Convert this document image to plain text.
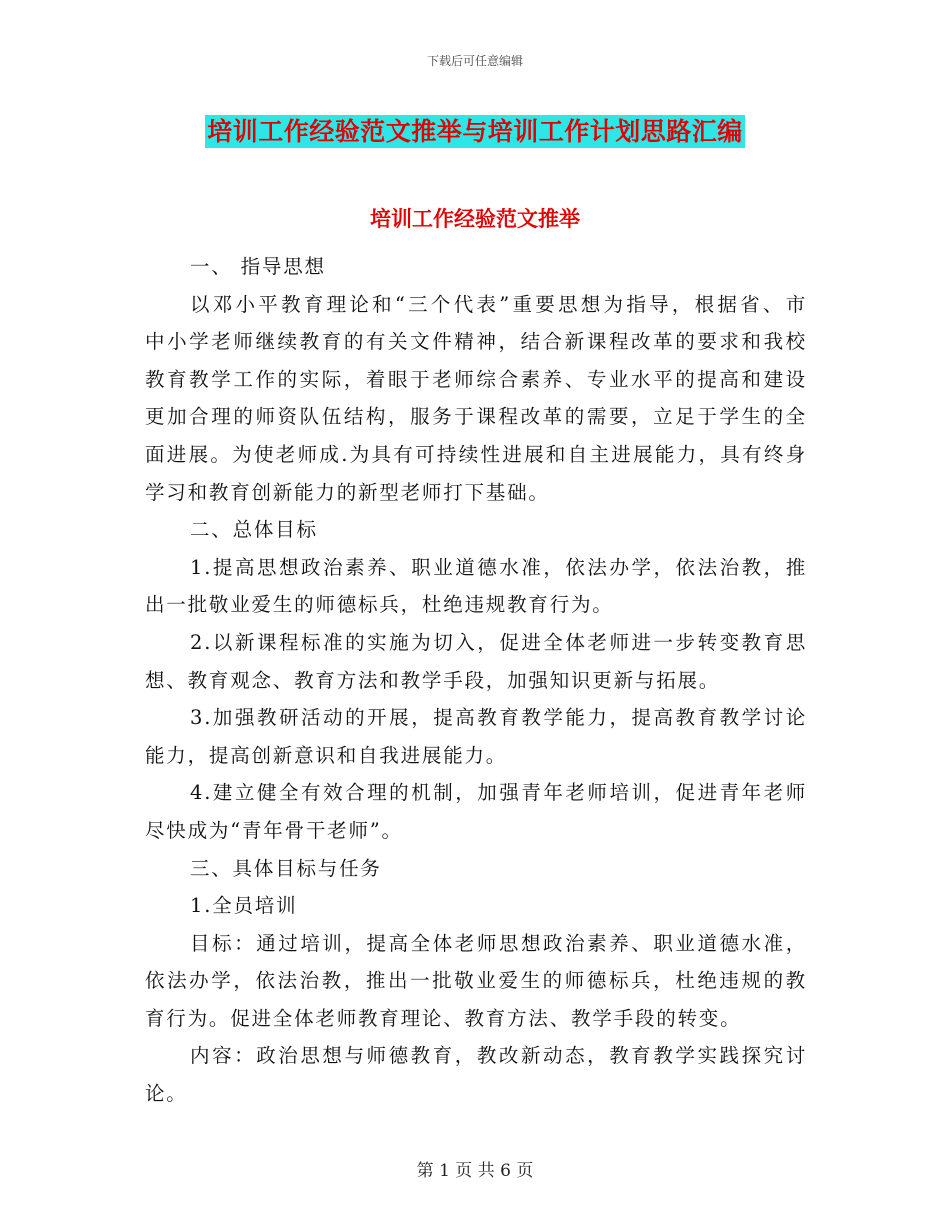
下载后可任意编辑
培训工作经验范文推举与培训工作计划思路汇编
培训工作经验范文推举
一、 指导思想
以邓小平教育理论和“三个代表”重要思想为指导，根据省、市
中小学老师继续教育的有关文件精神，结合新课程改革的要求和我校
教育教学工作的实际，着眼于老师综合素养、专业水平的提高和建设
更加合理的师资队伍结构，服务于课程改革的需要，立足于学生的全
面进展。为使老师成.为具有可持续性进展和自主进展能力，具有终身
学习和教育创新能力的新型老师打下基础。
二、总体目标
1.提高思想政治素养、职业道德水准，依法办学，依法治教，推
出一批敬业爱生的师德标兵，杜绝违规教育行为。
2.以新课程标准的实施为切入，促进全体老师进一步转变教育思
想、教育观念、教育方法和教学手段，加强知识更新与拓展。
3.加强教研活动的开展，提高教育教学能力，提高教育教学讨论
能力，提高创新意识和自我进展能力。
4.建立健全有效合理的机制，加强青年老师培训，促进青年老师
尽快成为“青年骨干老师”。
三、具体目标与任务
1.全员培训
目标：通过培训，提高全体老师思想政治素养、职业道德水准，
依法办学，依法治教，推出一批敬业爱生的师德标兵，杜绝违规的教
育行为。促进全体老师教育理论、教育方法、教学手段的转变。
内容：政治思想与师德教育，教改新动态，教育教学实践探究讨
论。
第 1 页 共 6 页
